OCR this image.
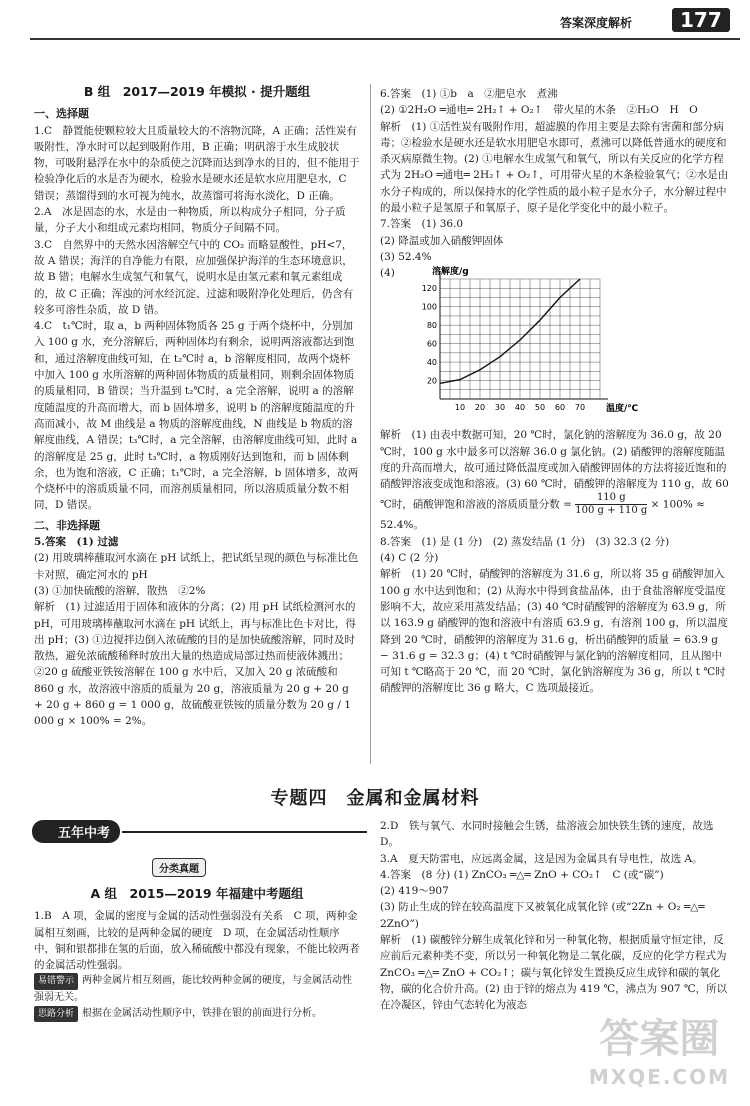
答案深度解析	177
B 组　2017—2019 年模拟 · 提升题组

一、选择题

1.C　静置能使颗粒较大且质量较大的不溶物沉降，A 正确；活性炭有吸附性，净水时可以起到吸附作用，B 正确；明矾溶于水生成胶状物，可吸附悬浮在水中的杂质使之沉降而达到净水的目的，但不能用于检验净化后的水是否为硬水，检验水是硬水还是软水应用肥皂水，C 错误；蒸馏得到的水可视为纯水，故蒸馏可将海水淡化，D 正确。

2.A　冰是固态的水，水是由一种物质，所以构成分子相同，分子质量，分子大小和组成元素均相同，物质分子间隔不同。

3.C　自然界中的天然水因溶解空气中的 CO₂ 而略显酸性，pH<7，故 A 错误；海洋的自净能力有限，应加强保护海洋的生态环境意识，故 B 错；电解水生成氢气和氧气，说明水是由氢元素和氧元素组成的，故 C 正确；浑浊的河水经沉淀、过滤和吸附净化处理后，仍含有较多可溶性杂质，故 D 错。

4.C　t₁℃时，取 a，b 两种固体物质各 25 g 于两个烧杯中，分别加入 100 g 水，充分溶解后，两种固体均有剩余，说明两溶液都达到饱和，通过溶解度曲线可知，在 t₂℃时 a，b 溶解度相同，故两个烧杯中加入 100 g 水所溶解的两种固体物质的质量相同，则剩余固体物质的质量相同，B 错误；当升温到 t₂℃时，a 完全溶解，说明 a 的溶解度随温度的升高而增大，而 b 固体增多，说明 b 的溶解度随温度的升高而减小，故 M 曲线是 a 物质的溶解度曲线，N 曲线是 b 物质的溶解度曲线，A 错误；t₃℃时，a 完全溶解，由溶解度曲线可知，此时 a 的溶解度是 25 g，此时 t₃℃时，a 物质刚好达到饱和，而 b 固体剩余，也为饱和溶液，C 正确；t₁℃时，a 完全溶解，b 固体增多，故两个烧杯中的溶质质量不同，而溶剂质量相同，所以溶质质量分数不相同，D 错误。

二、非选择题

5.答案　(1) 过滤

(2) 用玻璃棒蘸取河水滴在 pH 试纸上，把试纸呈现的颜色与标准比色卡对照，确定河水的 pH

(3) ①加快硫酸的溶解，散热　②2%

解析　(1) 过滤适用于固体和液体的分离；(2) 用 pH 试纸检测河水的 pH，可用玻璃棒蘸取河水滴在 pH 试纸上，再与标准比色卡对比，得出 pH；(3) ①边搅拌边倒入浓硫酸的目的是加快硫酸溶解，同时及时散热，避免浓硫酸稀释时放出大量的热造成局部过热而使液体溅出；②20 g 硫酸亚铁铵溶解在 100 g 水中后，又加入 20 g 浓硫酸和 860 g 水，故溶液中溶质的质量为 20 g，溶液质量为 20 g + 20 g + 20 g + 860 g = 1 000 g，故硫酸亚铁铵的质量分数为 20 g / 1 000 g × 100% = 2%。

6.答案　(1) ①b　a　②肥皂水　煮沸

(2) ①2H₂O ═通电═ 2H₂↑ + O₂↑　带火星的木条　②H₂O　H　O

解析　(1) ①活性炭有吸附作用，超滤膜的作用主要是去除有害菌和部分病毒；②检验水是硬水还是软水用肥皂水即可，煮沸可以降低普通水的硬度和杀灭病原微生物。(2) ①电解水生成氢气和氧气，所以有关反应的化学方程式为 2H₂O ═通电═ 2H₂↑ + O₂↑，可用带火星的木条检验氧气；②水是由水分子构成的，所以保持水的化学性质的最小粒子是水分子，水分解过程中的最小粒子是氢原子和氧原子，原子是化学变化中的最小粒子。

7.答案　(1) 36.0

(2) 降温或加入硝酸钾固体

(3) 52.4%

(4)
10 20 30 40 50 60 70
20
40
60
80
100
120
溶解度/g
温度/℃

解析　(1) 由表中数据可知，20 ℃时，氯化钠的溶解度为 36.0 g，故 20 ℃时，100 g 水中最多可以溶解 36.0 g 氯化钠。(2) 硝酸钾的溶解度随温度的升高而增大，故可通过降低温度或加入硝酸钾固体的方法将接近饱和的硝酸钾溶液变成饱和溶液。(3) 60 ℃时，硝酸钾的溶解度为 110 g，故 60 ℃时，硝酸钾饱和溶液的溶质质量分数 = $\frac{110 g}{100 g + 110 g} \times 100\% \approx 52.4\%$。

8.答案　(1) 是 (1 分)　(2) 蒸发结晶 (1 分)　(3) 32.3 (2 分)

(4) C (2 分)

解析　(1) 20 ℃时，硝酸钾的溶解度为 31.6 g，所以将 35 g 硝酸钾加入 100 g 水中达到饱和；(2) 从海水中得到食盐晶体，由于食盐溶解度受温度影响不大，故应采用蒸发结晶；(3) 40 ℃时硝酸钾的溶解度为 63.9 g，所以 163.9 g 硝酸钾的饱和溶液中有溶质 63.9 g，有溶剂 100 g，所以温度降到 20 ℃时，硝酸钾的溶解度为 31.6 g，析出硝酸钾的质量 = 63.9 g − 31.6 g = 32.3 g；(4) t ℃时硝酸钾与氯化钠的溶解度相同，且从图中可知 t ℃略高于 20 ℃，而 20 ℃时，氯化钠溶解度为 36 g，所以 t ℃时硝酸钾的溶解度比 36 g 略大，C 选项最接近。

专题四　金属和金属材料
五年中考
分类真题
A 组　2015—2019 年福建中考题组

1.B　A 项，金属的密度与金属的活动性强弱没有关系　C 项，两种金属相互刻画，比较的是两种金属的硬度　D 项，在金属活动性顺序中，铜和银都排在氢的后面，放入稀硫酸中都没有现象，不能比较两者的金属活动性强弱。

易错警示 两种金属片相互刻画，能比较两种金属的硬度，与金属活动性强弱无关。

思路分析 根据在金属活动性顺序中，铁排在银的前面进行分析。

2.D　铁与氧气、水同时接触会生锈，盐溶液会加快铁生锈的速度，故选 D。

3.A　夏天防雷电，应远离金属，这是因为金属具有导电性，故选 A。

4.答案　(8 分) (1) ZnCO₃ ═△═ ZnO + CO₂↑　C (或“碳”)

(2) 419～907

(3) 防止生成的锌在较高温度下又被氧化成氧化锌 (或“2Zn + O₂ ═△═ 2ZnO”)

解析　(1) 碳酸锌分解生成氧化锌和另一种氧化物，根据质量守恒定律，反应前后元素种类不变，所以另一种氧化物是二氧化碳，反应的化学方程式为 ZnCO₃ ═△═ ZnO + CO₂↑；碳与氧化锌发生置换反应生成锌和碳的氧化物，碳的化合价升高。(2) 由于锌的熔点为 419 ℃，沸点为 907 ℃，所以在冷凝区，锌由气态转化为液态

答案圈
MXQE.COM
